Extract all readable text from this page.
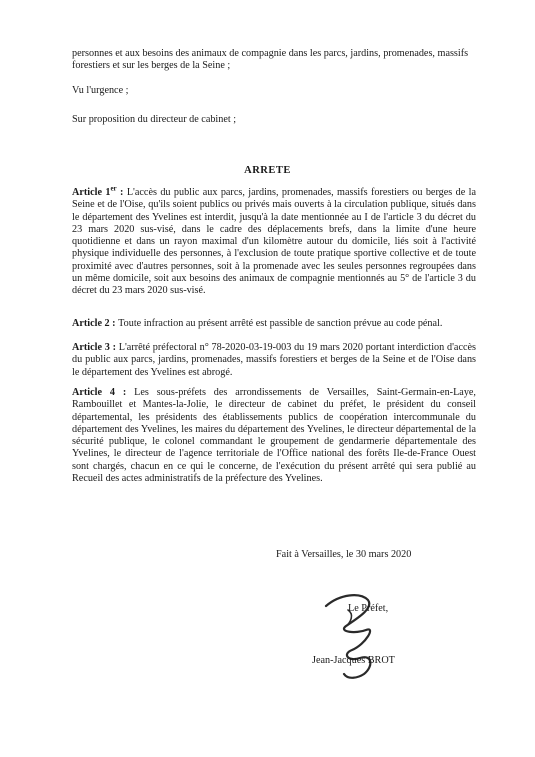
personnes et aux besoins des animaux de compagnie dans les parcs, jardins, promenades, massifs forestiers et sur les berges de la Seine ;

Vu l'urgence ;

Sur proposition du directeur de cabinet ;

ARRETE

Article 1er : L'accès du public aux parcs, jardins, promenades, massifs forestiers ou berges de la Seine et de l'Oise, qu'ils soient publics ou privés mais ouverts à la circulation publique, situés dans le département des Yvelines est interdit, jusqu'à la date mentionnée au I de l'article 3 du décret du 23 mars 2020 sus-visé, dans le cadre des déplacements brefs, dans la limite d'une heure quotidienne et dans un rayon maximal d'un kilomètre autour du domicile, liés soit à l'activité physique individuelle des personnes, à l'exclusion de toute pratique sportive collective et de toute proximité avec d'autres personnes, soit à la promenade avec les seules personnes regroupées dans un même domicile, soit aux besoins des animaux de compagnie mentionnés au 5° de l'article 3 du décret du 23 mars 2020 sus-visé.

Article 2 : Toute infraction au présent arrêté est passible de sanction prévue au code pénal.

Article 3 : L'arrêté préfectoral n° 78-2020-03-19-003 du 19 mars 2020 portant interdiction d'accès du public aux parcs, jardins, promenades, massifs forestiers et berges de la Seine et de l'Oise dans le département des Yvelines est abrogé.

Article 4 : Les sous-préfets des arrondissements de Versailles, Saint-Germain-en-Laye, Rambouillet et Mantes-la-Jolie, le directeur de cabinet du préfet, le président du conseil départemental, les présidents des établissements publics de coopération intercommunale du département des Yvelines, les maires du département des Yvelines, le directeur départemental de la sécurité publique, le colonel commandant le groupement de gendarmerie départementale des Yvelines, le directeur de l'agence territoriale de l'Office national des forêts Ile-de-France Ouest sont chargés, chacun en ce qui le concerne, de l'exécution du présent arrêté qui sera publié au Recueil des actes administratifs de la préfecture des Yvelines.

Fait à Versailles, le 30 mars 2020

Le Préfet,

Jean-Jacques BROT
